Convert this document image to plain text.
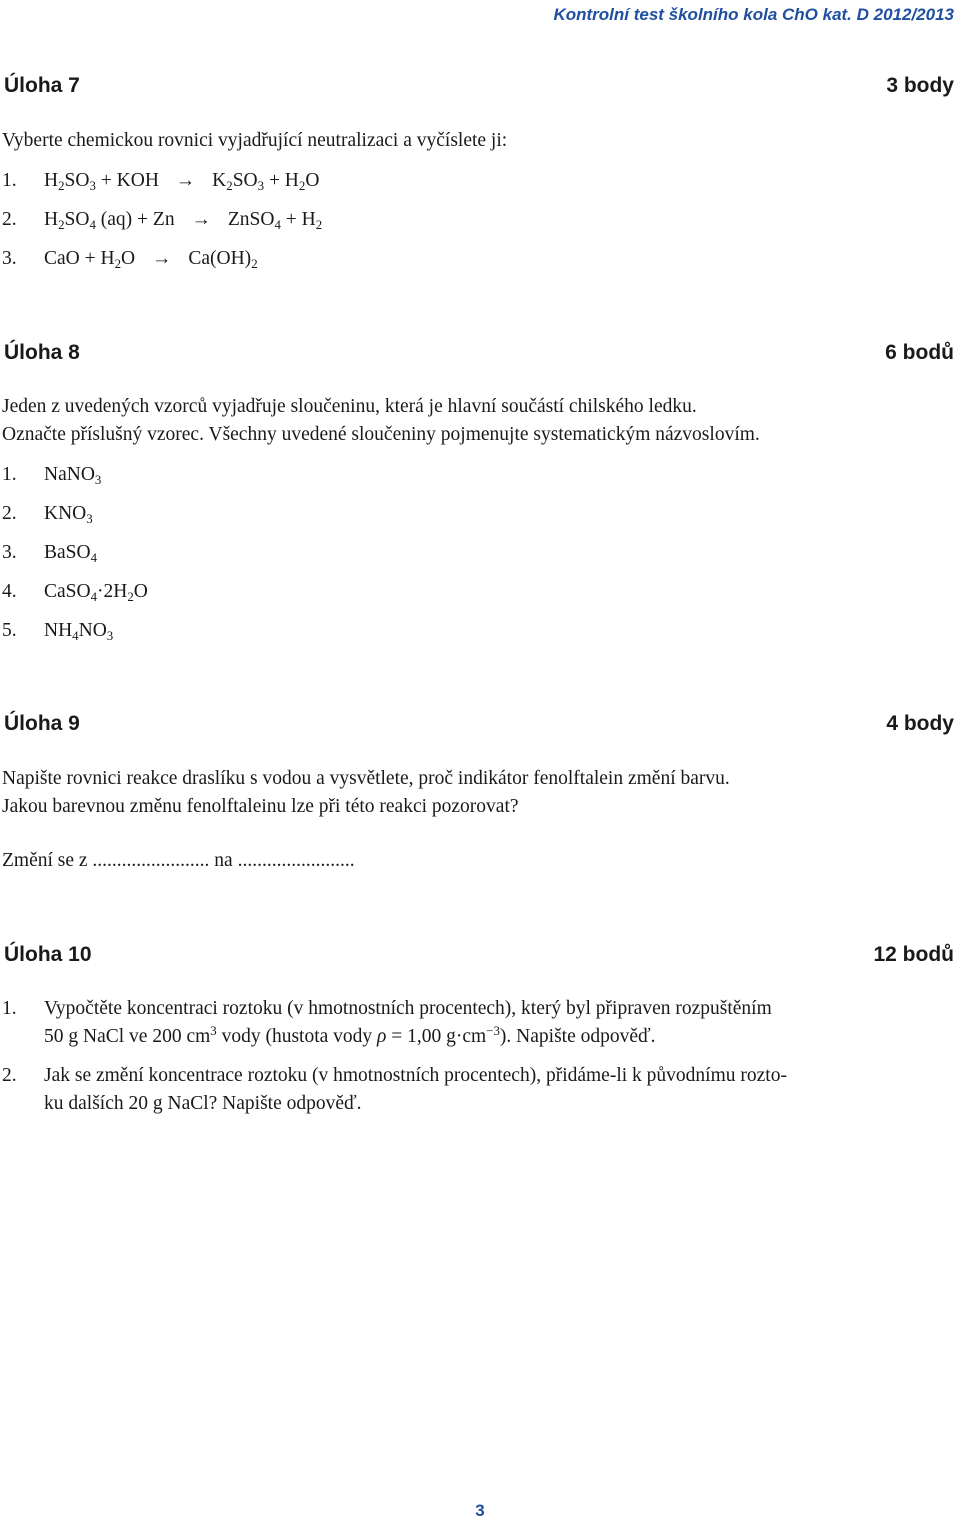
Kontrolní test školního kola ChO kat. D 2012/2013
Úloha 7	3 body
Vyberte chemickou rovnici vyjadřující neutralizaci a vyčíslete ji:
1. $H_2SO_3$ + KOH → $K_2SO_3 + H_2O$
2. $H_2SO_4$ (aq) + Zn → ZnSO$_4$ + $H_2$
3. CaO + $H_2O \to Ca(OH)_2$
Úloha 8	6 bodů
Jeden z uvedených vzorců vyjadřuje sloučeninu, která je hlavní součástí chilského ledku.
Označte příslušný vzorec. Všechny uvedené sloučeniny pojmenujte systematickým názvoslovím.
1. NaNO$_3$
2. $KNO_3$
3. BaSO$_4$
4. $CaSO_4\cdot 2H_2O$
5. $NH_4NO_3$
Úloha 9	4 body
Napište rovnici reakce draslíku s vodou a vysvětlete, proč indikátor fenolftalein změní barvu.
Jakou barevnou změnu fenolftaleinu lze při této reakci pozorovat?
Změní se z ........................ na ........................
Úloha 10	12 bodů
1. Vypočtěte koncentraci roztoku (v hmotnostních procentech), který byl připraven rozpuštěním
50 g NaCl ve 200 $cm^3$ vody (hustota vody ρ = 1,00 $g\cdot cm^{-3}$). Napište odpověď.
2. Jak se změní koncentrace roztoku (v hmotnostních procentech), přidáme-li k původnímu rozto-
ku dalších 20 g NaCl? Napište odpověď.
3
